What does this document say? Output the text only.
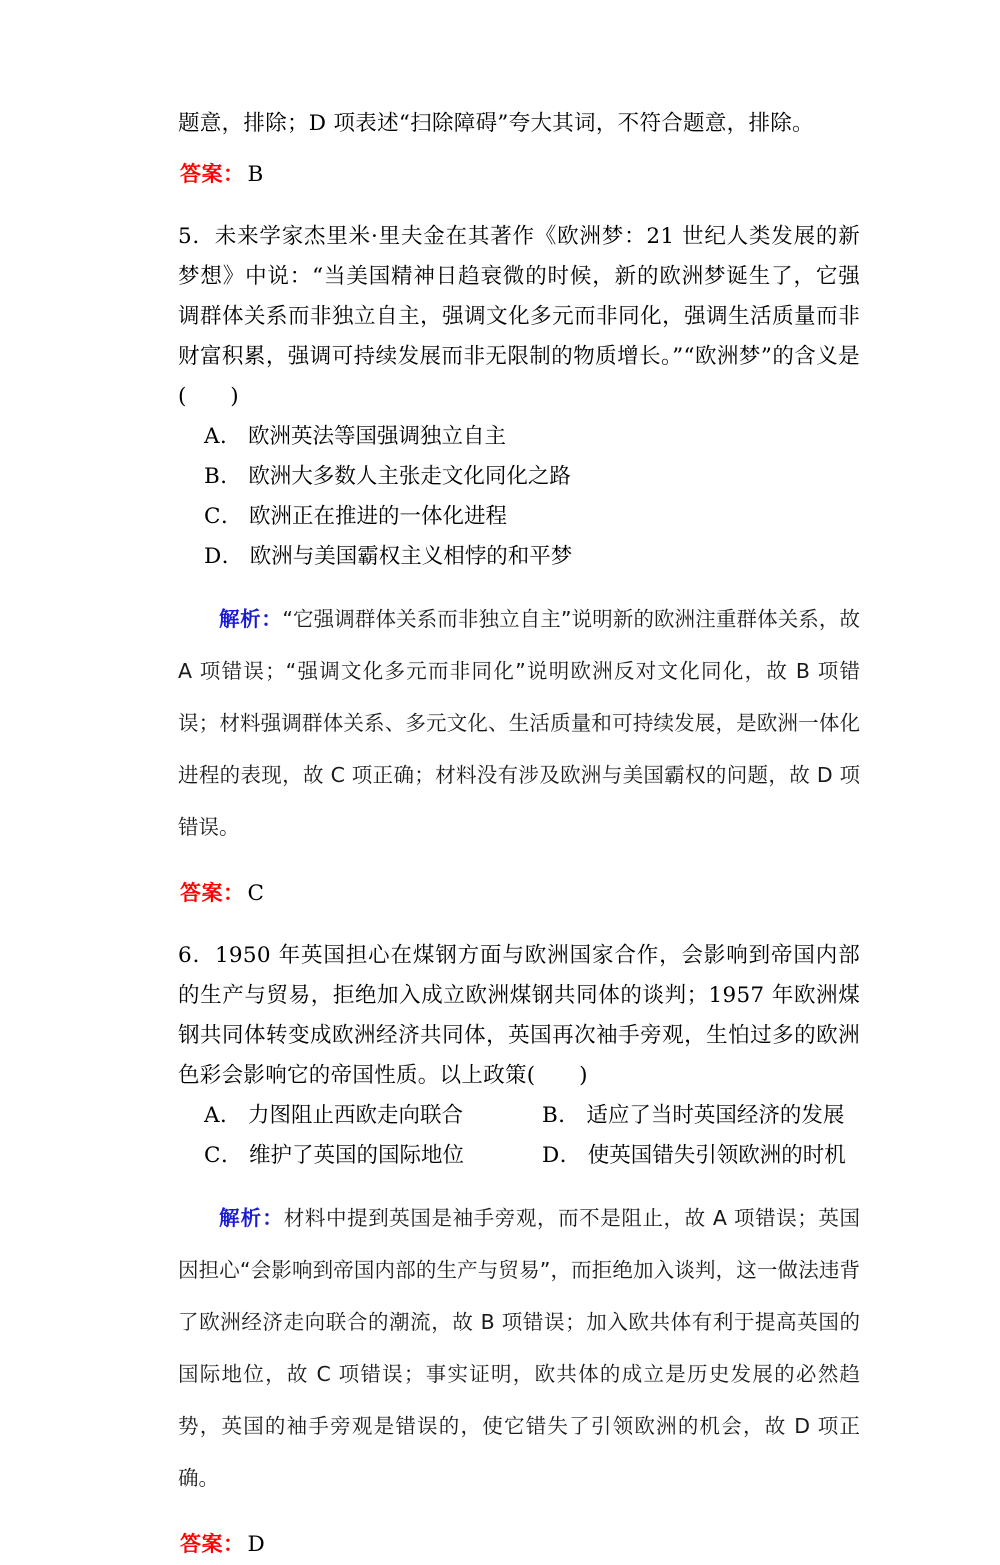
题意，排除；D 项表述“扫除障碍”夸大其词，不符合题意，排除。

答案： B

5．未来学家杰里米·里夫金在其著作《欧洲梦：21 世纪人类发展的新梦想》中说：“当美国精神日趋衰微的时候，新的欧洲梦诞生了，它强调群体关系而非独立自主，强调文化多元而非同化，强调生活质量而非财富积累，强调可持续发展而非无限制的物质增长。”“欧洲梦”的含义是(　　)

A． 欧洲英法等国强调独立自主
B． 欧洲大多数人主张走文化同化之路
C． 欧洲正在推进的一体化进程
D． 欧洲与美国霸权主义相悖的和平梦

解析：“它强调群体关系而非独立自主”说明新的欧洲注重群体关系，故 A 项错误；“强调文化多元而非同化”说明欧洲反对文化同化，故 B 项错误；材料强调群体关系、多元文化、生活质量和可持续发展，是欧洲一体化进程的表现，故 C 项正确；材料没有涉及欧洲与美国霸权的问题，故 D 项错误。

答案： C

6．1950 年英国担心在煤钢方面与欧洲国家合作，会影响到帝国内部的生产与贸易，拒绝加入成立欧洲煤钢共同体的谈判；1957 年欧洲煤钢共同体转变成欧洲经济共同体，英国再次袖手旁观，生怕过多的欧洲色彩会影响它的帝国性质。以上政策(　　)

A． 力图阻止西欧走向联合	B． 适应了当时英国经济的发展
C． 维护了英国的国际地位	D． 使英国错失引领欧洲的时机

解析：材料中提到英国是袖手旁观，而不是阻止，故 A 项错误；英国因担心“会影响到帝国内部的生产与贸易”，而拒绝加入谈判，这一做法违背了欧洲经济走向联合的潮流，故 B 项错误；加入欧共体有利于提高英国的国际地位，故 C 项错误；事实证明，欧共体的成立是历史发展的必然趋势，英国的袖手旁观是错误的，使它错失了引领欧洲的机会，故 D 项正确。

答案： D
